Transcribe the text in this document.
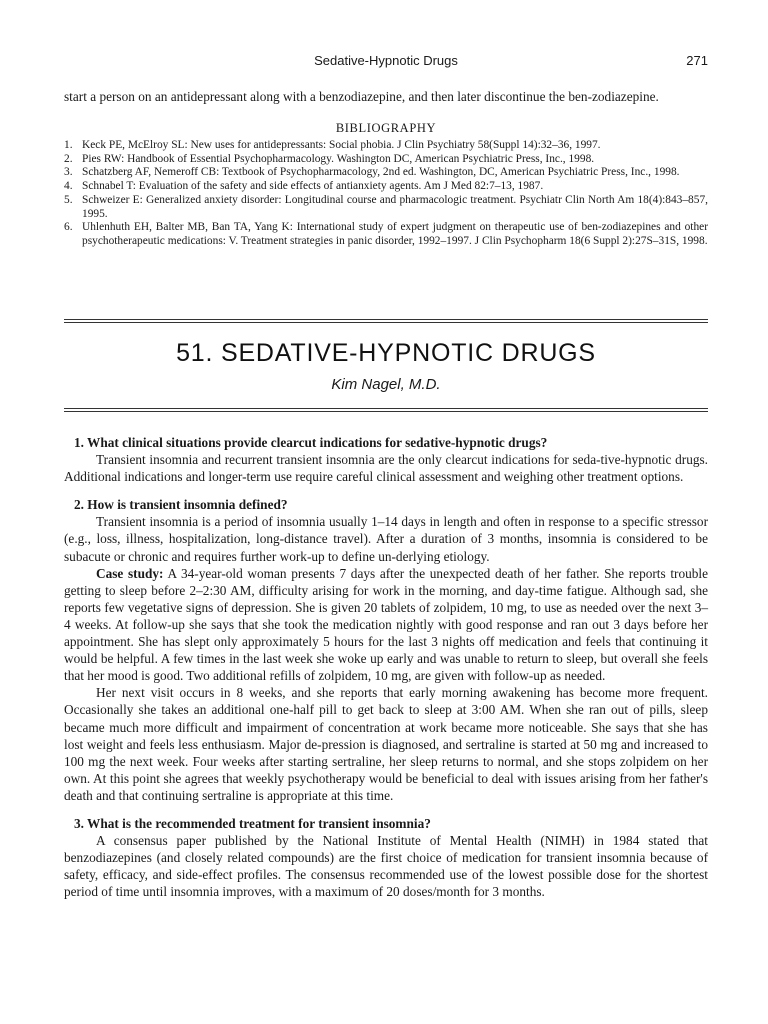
Sedative-Hypnotic Drugs	271
start a person on an antidepressant along with a benzodiazepine, and then later discontinue the ben-zodiazepine.
BIBLIOGRAPHY
1. Keck PE, McElroy SL: New uses for antidepressants: Social phobia. J Clin Psychiatry 58(Suppl 14):32–36, 1997.
2. Pies RW: Handbook of Essential Psychopharmacology. Washington DC, American Psychiatric Press, Inc., 1998.
3. Schatzberg AF, Nemeroff CB: Textbook of Psychopharmacology, 2nd ed. Washington, DC, American Psychiatric Press, Inc., 1998.
4. Schnabel T: Evaluation of the safety and side effects of antianxiety agents. Am J Med 82:7–13, 1987.
5. Schweizer E: Generalized anxiety disorder: Longitudinal course and pharmacologic treatment. Psychiatr Clin North Am 18(4):843–857, 1995.
6. Uhlenhuth EH, Balter MB, Ban TA, Yang K: International study of expert judgment on therapeutic use of ben-zodiazepines and other psychotherapeutic medications: V. Treatment strategies in panic disorder, 1992–1997. J Clin Psychopharm 18(6 Suppl 2):27S–31S, 1998.
51. SEDATIVE-HYPNOTIC DRUGS
Kim Nagel, M.D.
1. What clinical situations provide clearcut indications for sedative-hypnotic drugs?

Transient insomnia and recurrent transient insomnia are the only clearcut indications for seda-tive-hypnotic drugs. Additional indications and longer-term use require careful clinical assessment and weighing other treatment options.

2. How is transient insomnia defined?

Transient insomnia is a period of insomnia usually 1–14 days in length and often in response to a specific stressor (e.g., loss, illness, hospitalization, long-distance travel). After a duration of 3 months, insomnia is considered to be subacute or chronic and requires further work-up to define un-derlying etiology.

Case study: A 34-year-old woman presents 7 days after the unexpected death of her father. She reports trouble getting to sleep before 2–2:30 AM, difficulty arising for work in the morning, and day-time fatigue. Although sad, she reports few vegetative signs of depression. She is given 20 tablets of zolpidem, 10 mg, to use as needed over the next 3–4 weeks. At follow-up she says that she took the medication nightly with good response and ran out 3 days before her appointment. She has slept only approximately 5 hours for the last 3 nights off medication and feels that continuing it would be helpful. A few times in the last week she woke up early and was unable to return to sleep, but overall she feels that her mood is good. Two additional refills of zolpidem, 10 mg, are given with follow-up as needed.

Her next visit occurs in 8 weeks, and she reports that early morning awakening has become more frequent. Occasionally she takes an additional one-half pill to get back to sleep at 3:00 AM. When she ran out of pills, sleep became much more difficult and impairment of concentration at work became more noticeable. She says that she has lost weight and feels less enthusiasm. Major de-pression is diagnosed, and sertraline is started at 50 mg and increased to 100 mg the next week. Four weeks after starting sertraline, her sleep returns to normal, and she stops zolpidem on her own. At this point she agrees that weekly psychotherapy would be beneficial to deal with issues arising from her father's death and that continuing sertraline is appropriate at this time.

3. What is the recommended treatment for transient insomnia?

A consensus paper published by the National Institute of Mental Health (NIMH) in 1984 stated that benzodiazepines (and closely related compounds) are the first choice of medication for transient insomnia because of safety, efficacy, and side-effect profiles. The consensus recommended use of the lowest possible dose for the shortest period of time until insomnia improves, with a maximum of 20 doses/month for 3 months.
